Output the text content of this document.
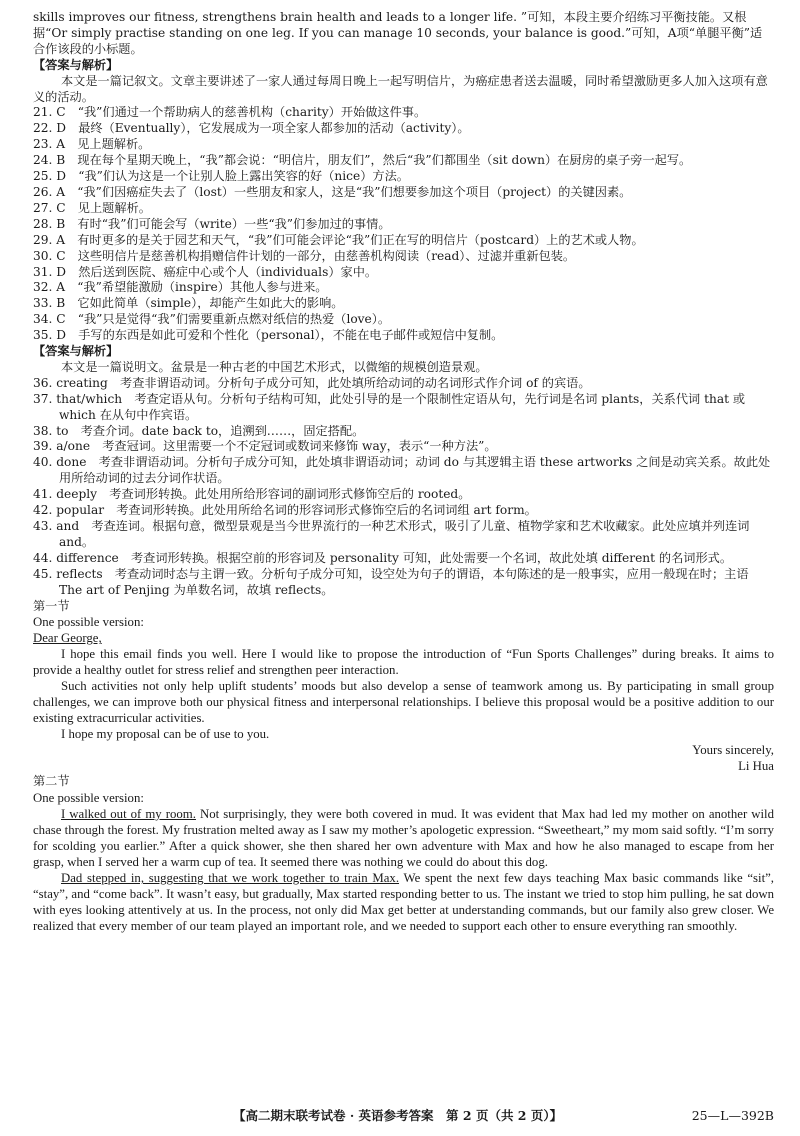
skills improves our fitness, strengthens brain health and leads to a longer life. ”可知，本段主要介绍练习平衡技能。又根据“Or simply practise standing on one leg. If you can manage 10 seconds, your balance is good.”可知，A项“单腿平衡”适合作该段的小标题。

【答案与解析】

本文是一篇记叙文。文章主要讲述了一家人通过每周日晚上一起写明信片，为癌症患者送去温暖，同时希望激励更多人加入这项有意义的活动。

21. C　“我”们通过一个帮助病人的慈善机构（charity）开始做这件事。

22. D　最终（Eventually），它发展成为一项全家人都参加的活动（activity）。

23. A　见上题解析。

24. B　现在每个星期天晚上，“我”都会说：“明信片，朋友们”，然后“我”们都围坐（sit down）在厨房的桌子旁一起写。

25. D　“我”们认为这是一个让别人脸上露出笑容的好（nice）方法。

26. A　“我”们因癌症失去了（lost）一些朋友和家人，这是“我”们想要参加这个项目（project）的关键因素。

27. C　见上题解析。

28. B　有时“我”们可能会写（write）一些“我”们参加过的事情。

29. A　有时更多的是关于园艺和天气，“我”们可能会评论“我”们正在写的明信片（postcard）上的艺术或人物。

30. C　这些明信片是慈善机构捐赠信件计划的一部分，由慈善机构阅读（read）、过滤并重新包装。

31. D　然后送到医院、癌症中心或个人（individuals）家中。

32. A　“我”希望能激励（inspire）其他人参与进来。

33. B　它如此简单（simple），却能产生如此大的影响。

34. C　“我”只是觉得“我”们需要重新点燃对纸信的热爱（love）。

35. D　手写的东西是如此可爱和个性化（personal），不能在电子邮件或短信中复制。

【答案与解析】

本文是一篇说明文。盆景是一种古老的中国艺术形式，以微缩的规模创造景观。

36. creating　考查非谓语动词。分析句子成分可知，此处填所给动词的动名词形式作介词 of 的宾语。

37. that/which　考查定语从句。分析句子结构可知，此处引导的是一个限制性定语从句，先行词是名词 plants，关系代词 that 或 which 在从句中作宾语。

38. to　考查介词。date back to，追溯到……，固定搭配。

39. a/one　考查冠词。这里需要一个不定冠词或数词来修饰 way，表示“一种方法”。

40. done　考查非谓语动词。分析句子成分可知，此处填非谓语动词；动词 do 与其逻辑主语 these artworks 之间是动宾关系。故此处用所给动词的过去分词作状语。

41. deeply　考查词形转换。此处用所给形容词的副词形式修饰空后的 rooted。

42. popular　考查词形转换。此处用所给名词的形容词形式修饰空后的名词词组 art form。

43. and　考查连词。根据句意，微型景观是当今世界流行的一种艺术形式，吸引了儿童、植物学家和艺术收藏家。此处应填并列连词 and。

44. difference　考查词形转换。根据空前的形容词及 personality 可知，此处需要一个名词，故此处填 different 的名词形式。

45. reflects　考查动词时态与主谓一致。分析句子成分可知，设空处为句子的谓语，本句陈述的是一般事实，应用一般现在时；主语 The art of Penjing 为单数名词，故填 reflects。

第一节

One possible version:

Dear George,

I hope this email finds you well. Here I would like to propose the introduction of “Fun Sports Challenges” during breaks. It aims to provide a healthy outlet for stress relief and strengthen peer interaction.

Such activities not only help uplift students’ moods but also develop a sense of teamwork among us. By participating in small group challenges, we can improve both our physical fitness and interpersonal relationships. I believe this proposal would be a positive addition to our existing extracurricular activities.

I hope my proposal can be of use to you.

Yours sincerely,

Li Hua

第二节

One possible version:

I walked out of my room. Not surprisingly, they were both covered in mud. It was evident that Max had led my mother on another wild chase through the forest. My frustration melted away as I saw my mother’s apologetic expression. “Sweetheart,” my mom said softly. “I’m sorry for scolding you earlier.” After a quick shower, she then shared her own adventure with Max and how he also managed to escape from her grasp, when I served her a warm cup of tea. It seemed there was nothing we could do about this dog.

Dad stepped in, suggesting that we work together to train Max. We spent the next few days teaching Max basic commands like “sit”, “stay”, and “come back”. It wasn’t easy, but gradually, Max started responding better to us. The instant we tried to stop him pulling, he sat down with eyes looking attentively at us. In the process, not only did Max get better at understanding commands, but our family also grew closer. We realized that every member of our team played an important role, and we needed to support each other to ensure everything ran smoothly.

【高二期末联考试卷 · 英语参考答案　第 2 页（共 2 页）】	25—L—392B
